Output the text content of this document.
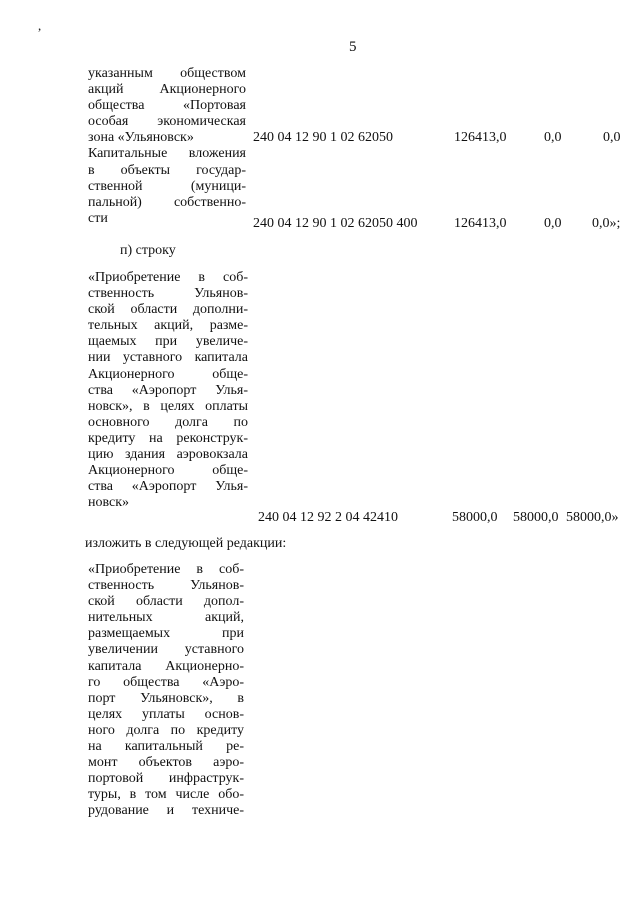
,
5
указанным обществом
акций Акционерного
общества «Портовая
особая экономическая
зона «Ульяновск»
Капитальные вложения
в объекты государ-
ственной (муници-
пальной) собственно-
сти
240 04 12 90 1 02 62050	126413,0	0,0	0,0
240 04 12 90 1 02 62050 400	126413,0	0,0 0,0»;
п) строку
«Приобретение в соб-
ственность Ульянов-
ской области дополни-
тельных акций, разме-
щаемых при увеличе-
нии уставного капитала
Акционерного обще-
ства «Аэропорт Улья-
новск», в целях оплаты
основного долга по
кредиту на реконструк-
цию здания аэровокзала
Акционерного обще-
ства «Аэропорт Улья-
новск»
240 04 12 92 2 04 42410	58000,0 58000,0 58000,0»
изложить в следующей редакции:
«Приобретение в соб-
ственность Ульянов-
ской области допол-
нительных акций,
размещаемых при
увеличении уставного
капитала Акционерно-
го общества «Аэро-
порт Ульяновск», в
целях уплаты основ-
ного долга по кредиту
на капитальный ре-
монт объектов аэро-
портовой инфраструк-
туры, в том числе обо-
рудование и техниче-
